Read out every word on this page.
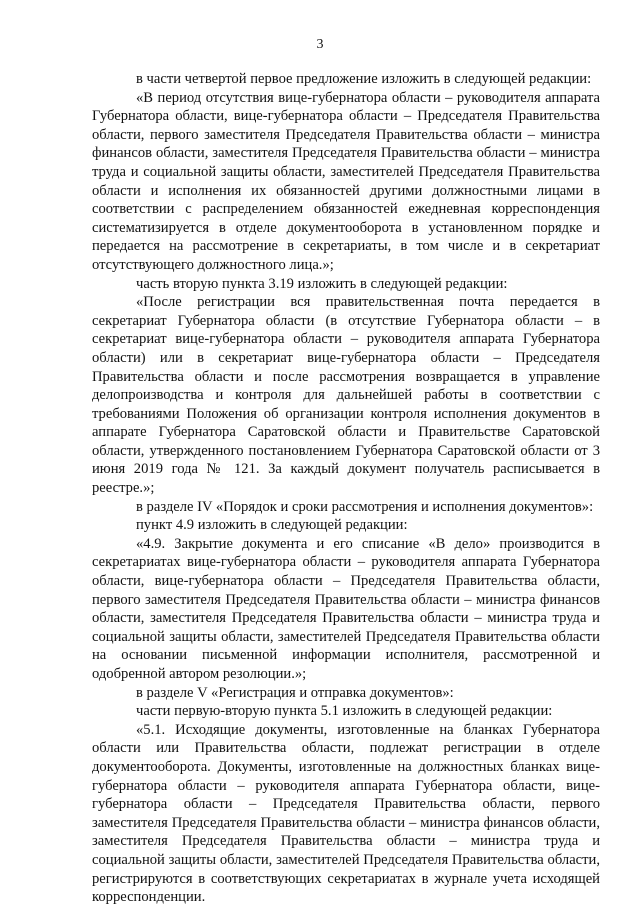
3

в части четвертой первое предложение изложить в следующей редакции:

«В период отсутствия вице-губернатора области – руководителя аппарата Губернатора области, вице-губернатора области – Председателя Правительства области, первого заместителя Председателя Правительства области – министра финансов области, заместителя Председателя Правительства области – министра труда и социальной защиты области, заместителей Председателя Правительства области и исполнения их обязанностей другими должностными лицами в соответствии с распределением обязанностей ежедневная корреспонденция систематизируется в отделе документооборота в установленном порядке и передается на рассмотрение в секретариаты, в том числе и в секретариат отсутствующего должностного лица.»;

часть вторую пункта 3.19 изложить в следующей редакции:

«После регистрации вся правительственная почта передается в секретариат Губернатора области (в отсутствие Губернатора области – в секретариат вице-губернатора области – руководителя аппарата Губернатора области) или в секретариат вице-губернатора области – Председателя Правительства области и после рассмотрения возвращается в управление делопроизводства и контроля для дальнейшей работы в соответствии с требованиями Положения об организации контроля исполнения документов в аппарате Губернатора Саратовской области и Правительстве Саратовской области, утвержденного постановлением Губернатора Саратовской области от 3 июня 2019 года № 121. За каждый документ получатель расписывается в реестре.»;

в разделе IV «Порядок и сроки рассмотрения и исполнения документов»:

пункт 4.9 изложить в следующей редакции:

«4.9. Закрытие документа и его списание «В дело» производится в секретариатах вице-губернатора области – руководителя аппарата Губернатора области, вице-губернатора области – Председателя Правительства области, первого заместителя Председателя Правительства области – министра финансов области, заместителя Председателя Правительства области – министра труда и социальной защиты области, заместителей Председателя Правительства области на основании письменной информации исполнителя, рассмотренной и одобренной автором резолюции.»;

в разделе V «Регистрация и отправка документов»:

части первую-вторую пункта 5.1 изложить в следующей редакции:

«5.1. Исходящие документы, изготовленные на бланках Губернатора области или Правительства области, подлежат регистрации в отделе документооборота. Документы, изготовленные на должностных бланках вице-губернатора области – руководителя аппарата Губернатора области, вице-губернатора области – Председателя Правительства области, первого заместителя Председателя Правительства области – министра финансов области, заместителя Председателя Правительства области – министра труда и социальной защиты области, заместителей Председателя Правительства области, регистрируются в соответствующих секретариатах в журнале учета исходящей корреспонденции.
